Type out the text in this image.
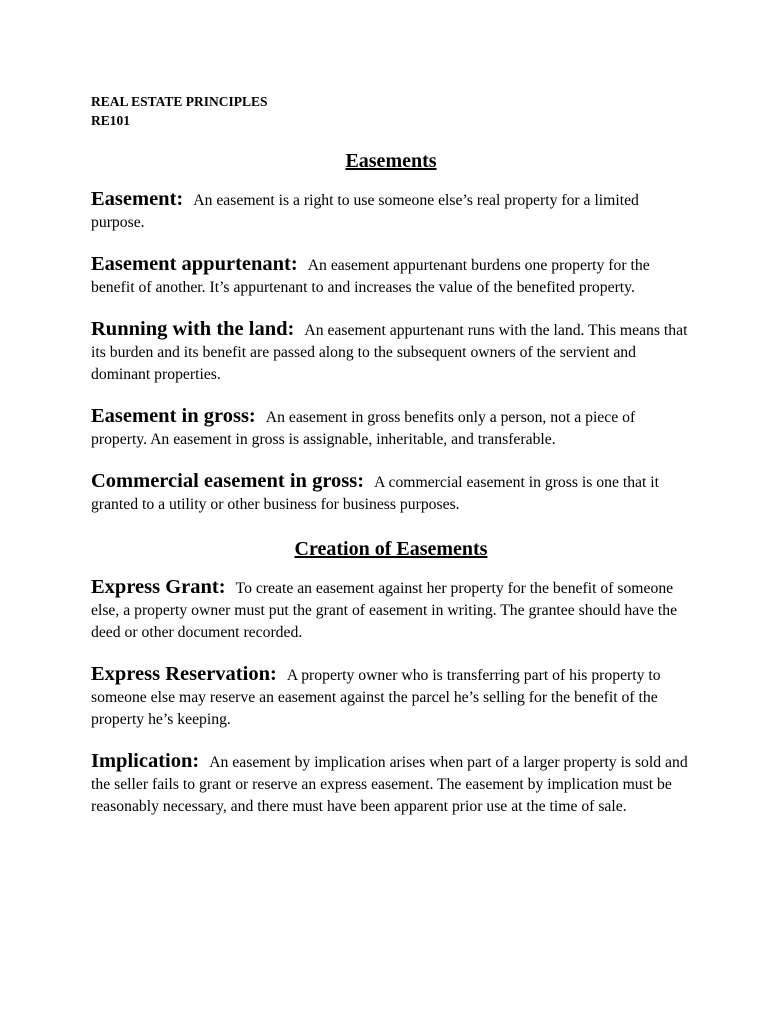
REAL ESTATE PRINCIPLES

RE101

Easements

Easement: An easement is a right to use someone else’s real property for a limited purpose.

Easement appurtenant: An easement appurtenant burdens one property for the benefit of another. It’s appurtenant to and increases the value of the benefited property.

Running with the land: An easement appurtenant runs with the land. This means that its burden and its benefit are passed along to the subsequent owners of the servient and dominant properties.

Easement in gross: An easement in gross benefits only a person, not a piece of property. An easement in gross is assignable, inheritable, and transferable.

Commercial easement in gross: A commercial easement in gross is one that it granted to a utility or other business for business purposes.

Creation of Easements

Express Grant: To create an easement against her property for the benefit of someone else, a property owner must put the grant of easement in writing. The grantee should have the deed or other document recorded.

Express Reservation: A property owner who is transferring part of his property to someone else may reserve an easement against the parcel he’s selling for the benefit of the property he’s keeping.

Implication: An easement by implication arises when part of a larger property is sold and the seller fails to grant or reserve an express easement. The easement by implication must be reasonably necessary, and there must have been apparent prior use at the time of sale.
